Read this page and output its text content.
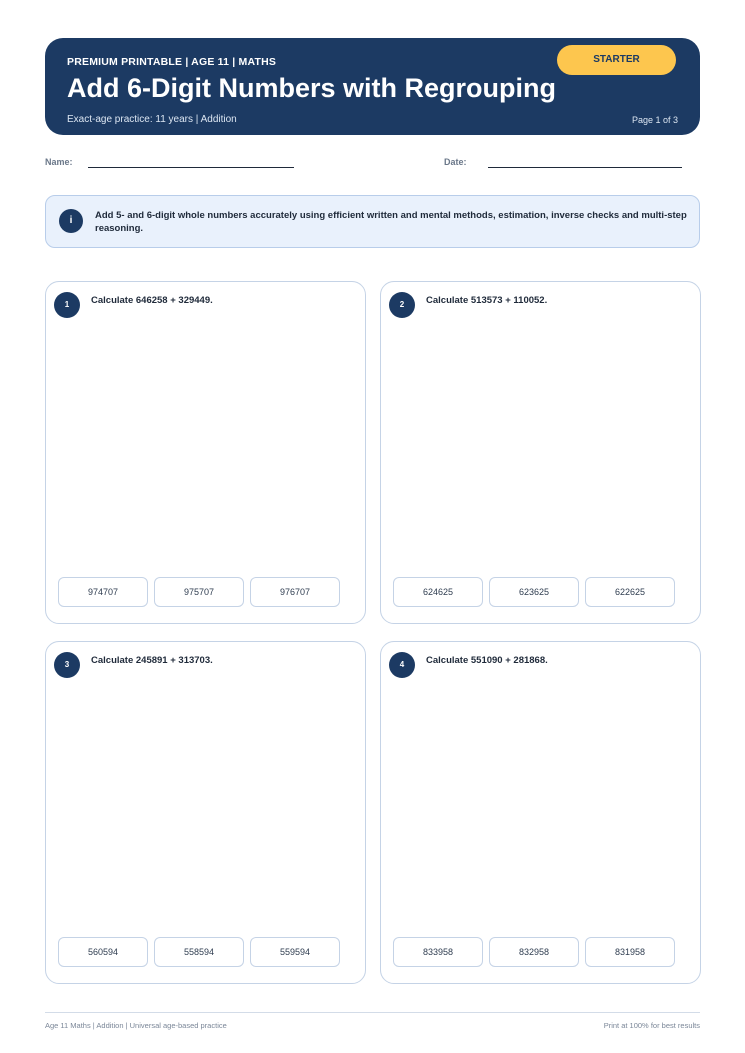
PREMIUM PRINTABLE | AGE 11 | MATHS
Add 6-Digit Numbers with Regrouping
Exact-age practice: 11 years | Addition	Page 1 of 3
STARTER
Name:	Date:
i	Add 5- and 6-digit whole numbers accurately using efficient written and mental methods, estimation, inverse checks and multi-step reasoning.
1	Calculate 646258 + 329449.
974707	975707	976707
2	Calculate 513573 + 110052.
624625	623625	622625
3	Calculate 245891 + 313703.
560594	558594	559594
4	Calculate 551090 + 281868.
833958	832958	831958
Age 11 Maths | Addition | Universal age-based practice	Print at 100% for best results
